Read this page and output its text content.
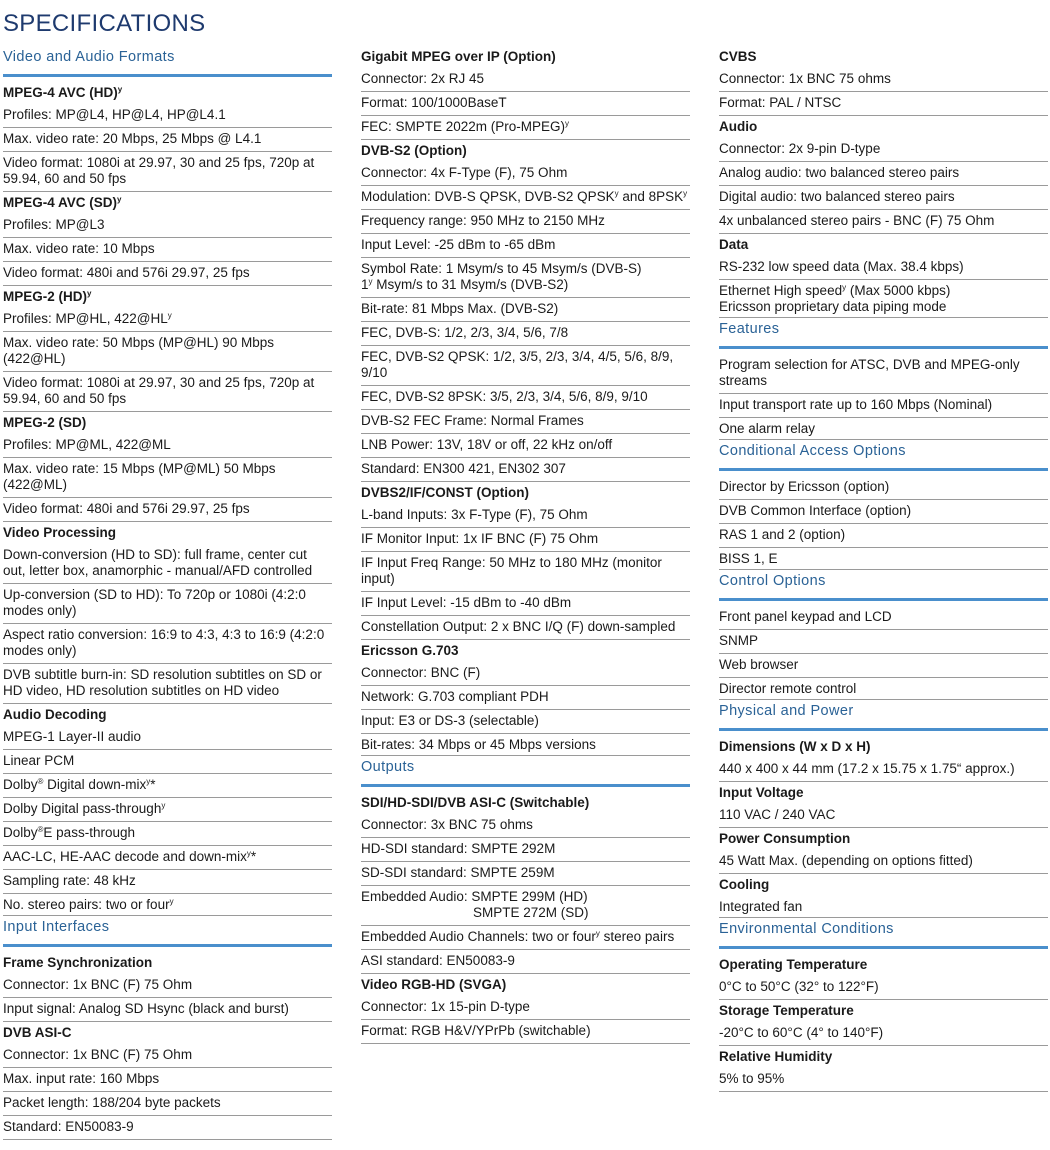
SPECIFICATIONS
Video and Audio Formats
MPEG-4 AVC (HD)$^y$
Profiles: MP@L4, HP@L4, HP@L4.1
Max. video rate: 20 Mbps, 25 Mbps @ L4.1
Video format: 1080i at 29.97, 30 and 25 fps, 720p at 59.94, 60 and 50 fps
MPEG-4 AVC (SD)$^y$
Profiles: MP@L3
Max. video rate: 10 Mbps
Video format: 480i and 576i 29.97, 25 fps
MPEG-2 (HD)$^y$
Profiles: MP@HL, $422@HL^y$
Max. video rate: 50 Mbps (MP@HL) 90 Mbps (422@HL)
Video format: 1080i at 29.97, 30 and 25 fps, 720p at 59.94, 60 and 50 fps
MPEG-2 (SD)
Profiles: MP@ML, 422@ML
Max. video rate: 15 Mbps (MP@ML) 50 Mbps (422@ML)
Video format: 480i and 576i 29.97, 25 fps
Video Processing
Down-conversion (HD to SD): full frame, center cut out, letter box, anamorphic - manual/AFD controlled
Up-conversion (SD to HD): To 720p or 1080i (4:2:0 modes only)
Aspect ratio conversion: 16:9 to 4:3, 4:3 to 16:9 (4:2:0 modes only)
DVB subtitle burn-in: SD resolution subtitles on SD or HD video, HD resolution subtitles on HD video
Audio Decoding
MPEG-1 Layer-II audio
Linear PCM
Dolby® Digital down-mix$^y$*
Dolby Digital pass-through$^y$
Dolby®E pass-through
AAC-LC, HE-AAC decode and down-mix$^y$*
Sampling rate: 48 kHz
No. stereo pairs: two or four$^y$
Input Interfaces
Frame Synchronization
Connector: 1x BNC (F) 75 Ohm
Input signal: Analog SD Hsync (black and burst)
DVB ASI-C
Connector: 1x BNC (F) 75 Ohm
Max. input rate: 160 Mbps
Packet length: 188/204 byte packets
Standard: EN50083-9
Gigabit MPEG over IP (Option)
Connector: 2x RJ 45
Format: 100/1000BaseT
FEC: SMPTE 2022m (Pro-MPEG)$^y$
DVB-S2 (Option)
Connector: 4x F-Type (F), 75 Ohm
Modulation: DVB-S QPSK, DVB-S2 QPSK$^y$ and 8PSK$^y$
Frequency range: 950 MHz to 2150 MHz
Input Level: -25 dBm to -65 dBm
Symbol Rate: 1 Msym/s to 45 Msym/s (DVB-S)
1$^y$ Msym/s to 31 Msym/s (DVB-S2)
Bit-rate: 81 Mbps Max. (DVB-S2)
FEC, DVB-S: 1/2, 2/3, 3/4, 5/6, 7/8
FEC, DVB-S2 QPSK: 1/2, 3/5, 2/3, 3/4, 4/5, 5/6, 8/9, 9/10
FEC, DVB-S2 8PSK: 3/5, 2/3, 3/4, 5/6, 8/9, 9/10
DVB-S2 FEC Frame: Normal Frames
LNB Power: 13V, 18V or off, 22 kHz on/off
Standard: EN300 421, EN302 307
DVBS2/IF/CONST (Option)
L-band Inputs: 3x F-Type (F), 75 Ohm
IF Monitor Input: 1x IF BNC (F) 75 Ohm
IF Input Freq Range: 50 MHz to 180 MHz (monitor input)
IF Input Level: -15 dBm to -40 dBm
Constellation Output: 2 x BNC I/Q (F) down-sampled
Ericsson G.703
Connector: BNC (F)
Network: G.703 compliant PDH
Input: E3 or DS-3 (selectable)
Bit-rates: 34 Mbps or 45 Mbps versions
Outputs
SDI/HD-SDI/DVB ASI-C (Switchable)
Connector: 3x BNC 75 ohms
HD-SDI standard: SMPTE 292M
SD-SDI standard: SMPTE 259M
Embedded Audio: SMPTE 299M (HD)
SMPTE 272M (SD)
Embedded Audio Channels: two or four$^y$ stereo pairs
ASI standard: EN50083-9
Video RGB-HD (SVGA)
Connector: 1x 15-pin D-type
Format: RGB H&V/YPrPb (switchable)
CVBS
Connector: 1x BNC 75 ohms
Format: PAL / NTSC
Audio
Connector: 2x 9-pin D-type
Analog audio: two balanced stereo pairs
Digital audio: two balanced stereo pairs
4x unbalanced stereo pairs - BNC (F) 75 Ohm
Data
RS-232 low speed data (Max. 38.4 kbps)
Ethernet High speed$^y$ (Max 5000 kbps)
Ericsson proprietary data piping mode
Features
Program selection for ATSC, DVB and MPEG-only streams
Input transport rate up to 160 Mbps (Nominal)
One alarm relay
Conditional Access Options
Director by Ericsson (option)
DVB Common Interface (option)
RAS 1 and 2 (option)
BISS 1, E
Control Options
Front panel keypad and LCD
SNMP
Web browser
Director remote control
Physical and Power
Dimensions (W x D x H)
440 x 400 x 44 mm (17.2 x 15.75 x 1.75“ approx.)
Input Voltage
110 VAC / 240 VAC
Power Consumption
45 Watt Max. (depending on options fitted)
Cooling
Integrated fan
Environmental Conditions
Operating Temperature
0°C to 50°C (32° to 122°F)
Storage Temperature
-20°C to 60°C (4° to 140°F)
Relative Humidity
5% to 95%
